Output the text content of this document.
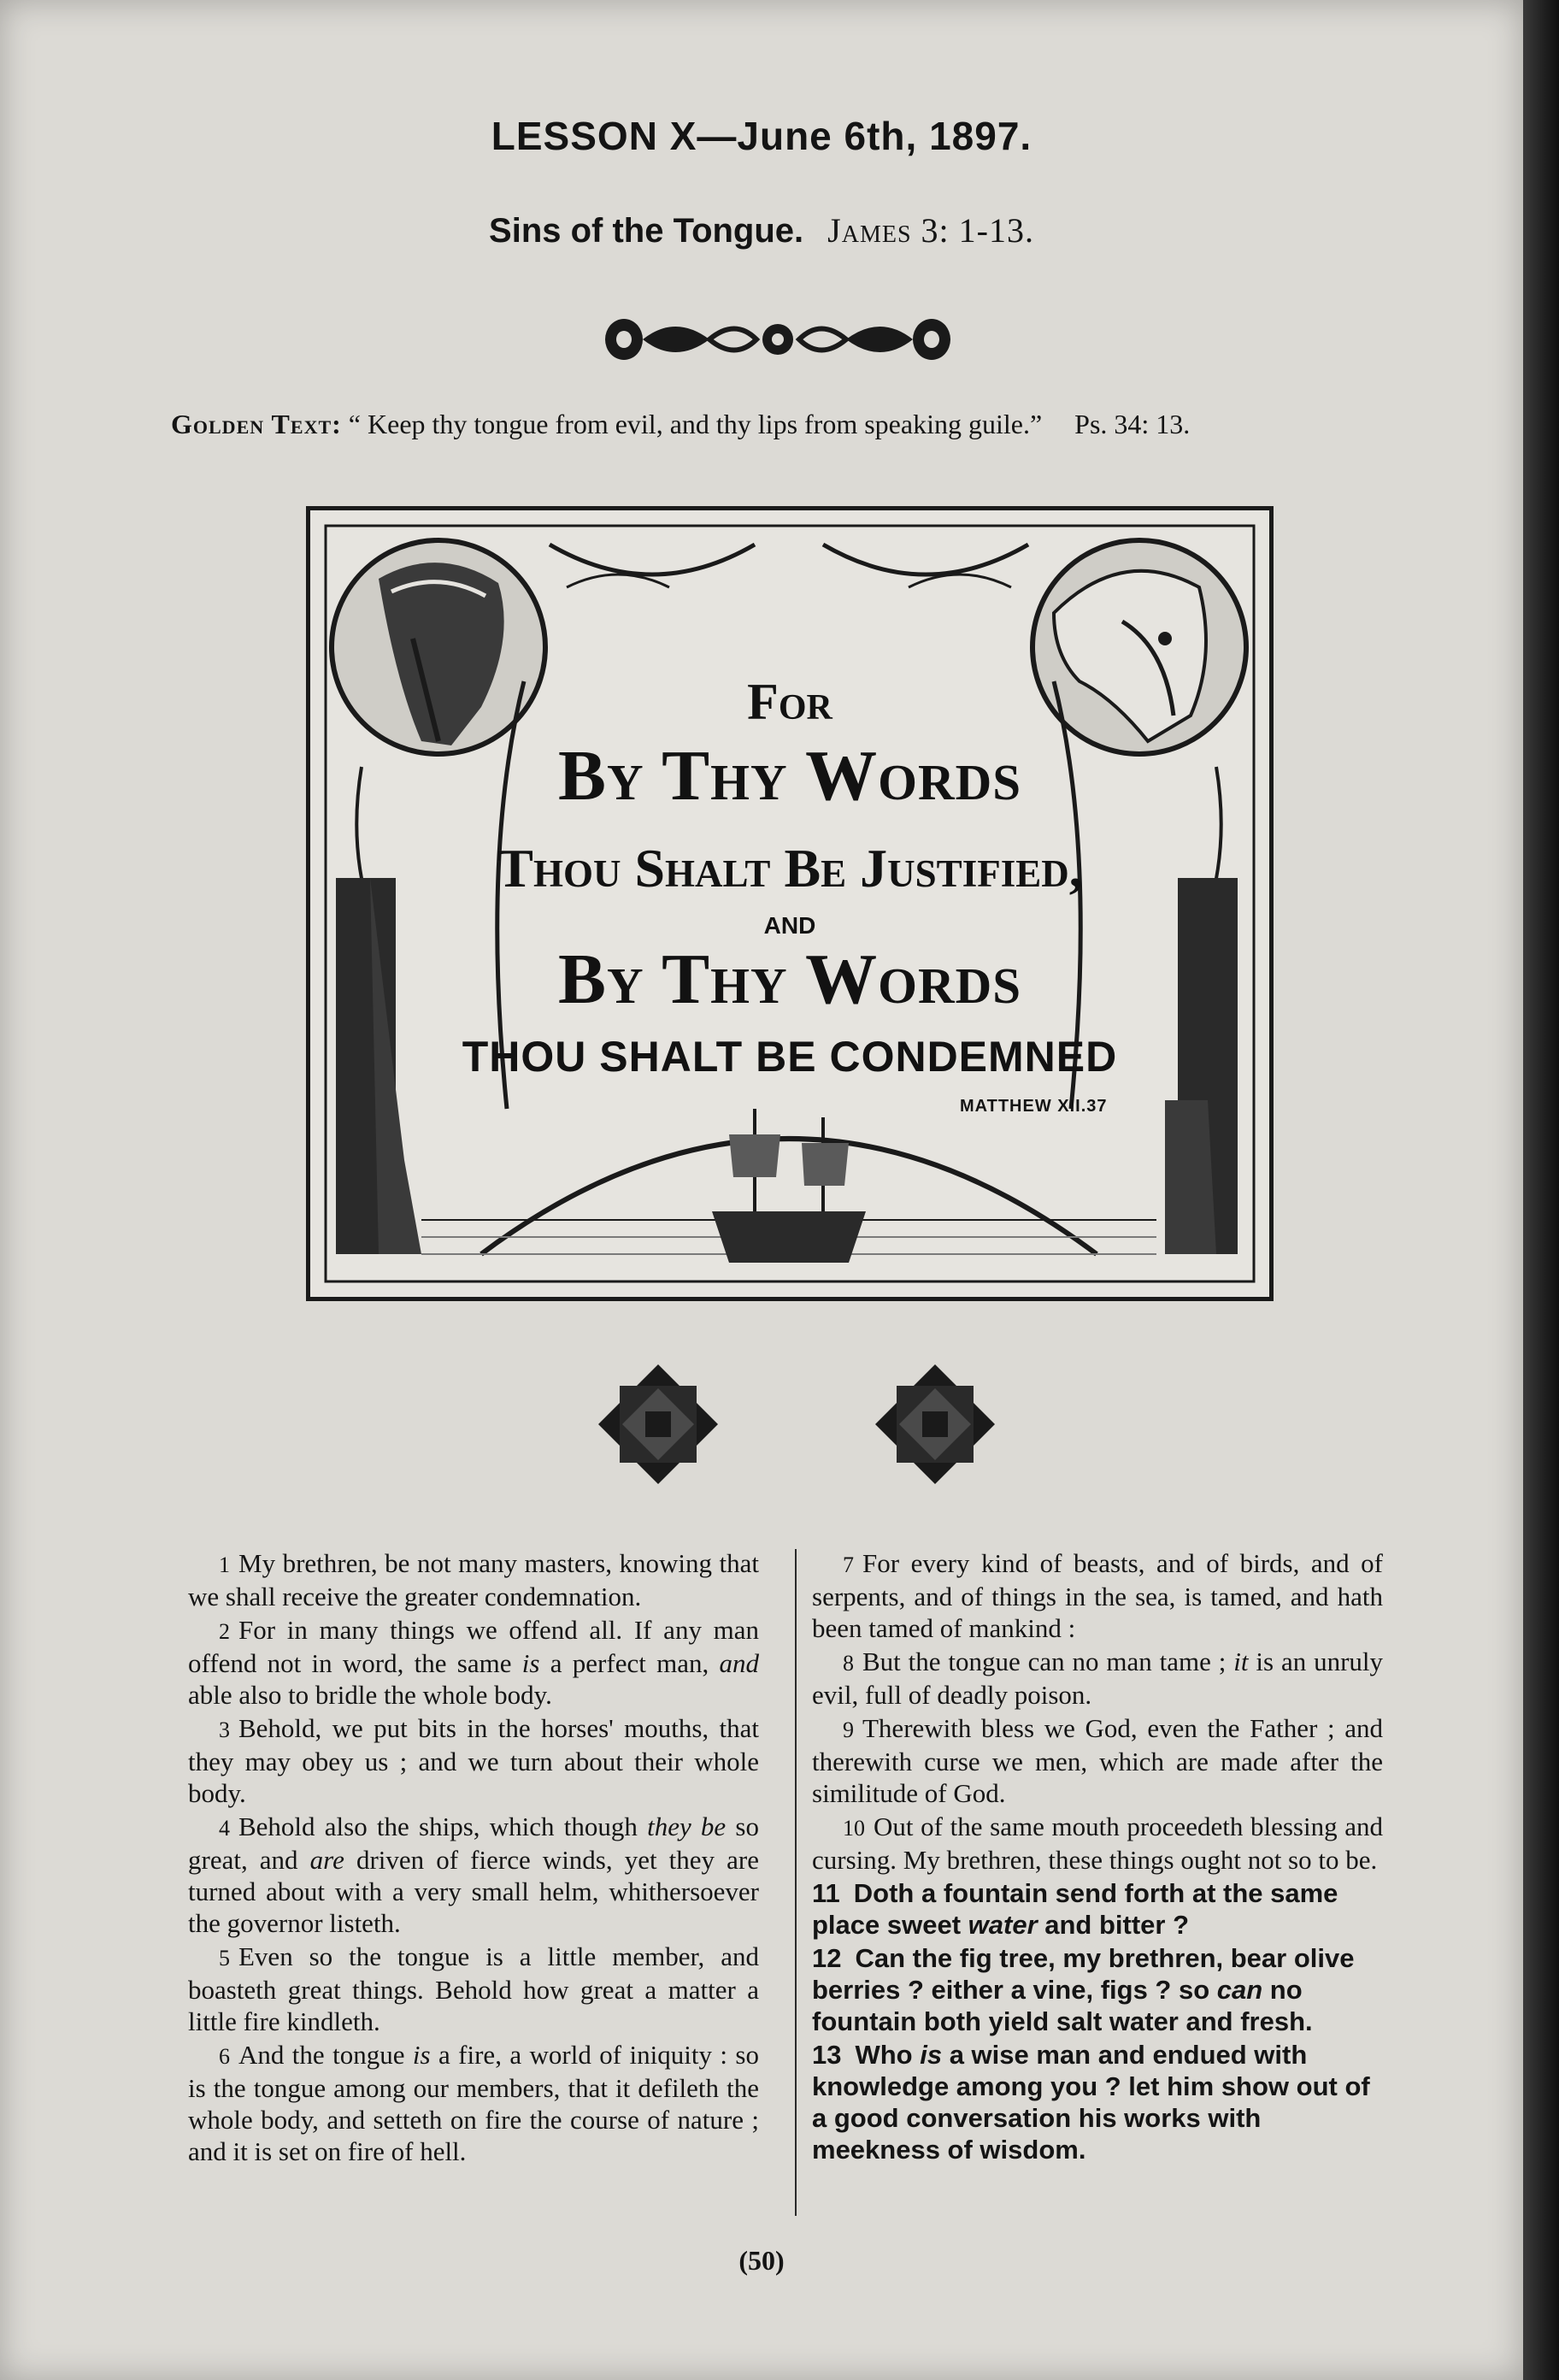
LESSON X—June 6th, 1897.
Sins of the Tongue. James 3: 1-13.
Golden Text: “ Keep thy tongue from evil, and thy lips from speaking guile.” Ps. 34: 13.
For
By Thy Words
Thou Shalt Be Justified,
AND
By Thy Words
THOU SHALT BE CONDEMNED
MATTHEW XII.37

1 My brethren, be not many masters, knowing that we shall receive the greater condemnation.

2 For in many things we offend all. If any man offend not in word, the same is a perfect man, and able also to bridle the whole body.

3 Behold, we put bits in the horses' mouths, that they may obey us ; and we turn about their whole body.

4 Behold also the ships, which though they be so great, and are driven of fierce winds, yet they are turned about with a very small helm, whithersoever the governor listeth.

5 Even so the tongue is a little member, and boasteth great things. Behold how great a matter a little fire kindleth.

6 And the tongue is a fire, a world of iniquity : so is the tongue among our members, that it defileth the whole body, and setteth on fire the course of nature ; and it is set on fire of hell.

7 For every kind of beasts, and of birds, and of serpents, and of things in the sea, is tamed, and hath been tamed of mankind :

8 But the tongue can no man tame ; it is an unruly evil, full of deadly poison.

9 Therewith bless we God, even the Father ; and therewith curse we men, which are made after the similitude of God.

10 Out of the same mouth proceedeth blessing and cursing. My brethren, these things ought not so to be.

11 Doth a fountain send forth at the same place sweet water and bitter ?

12 Can the fig tree, my brethren, bear olive berries ? either a vine, figs ? so can no fountain both yield salt water and fresh.

13 Who is a wise man and endued with knowledge among you ? let him show out of a good conversation his works with meekness of wisdom.

(50)
